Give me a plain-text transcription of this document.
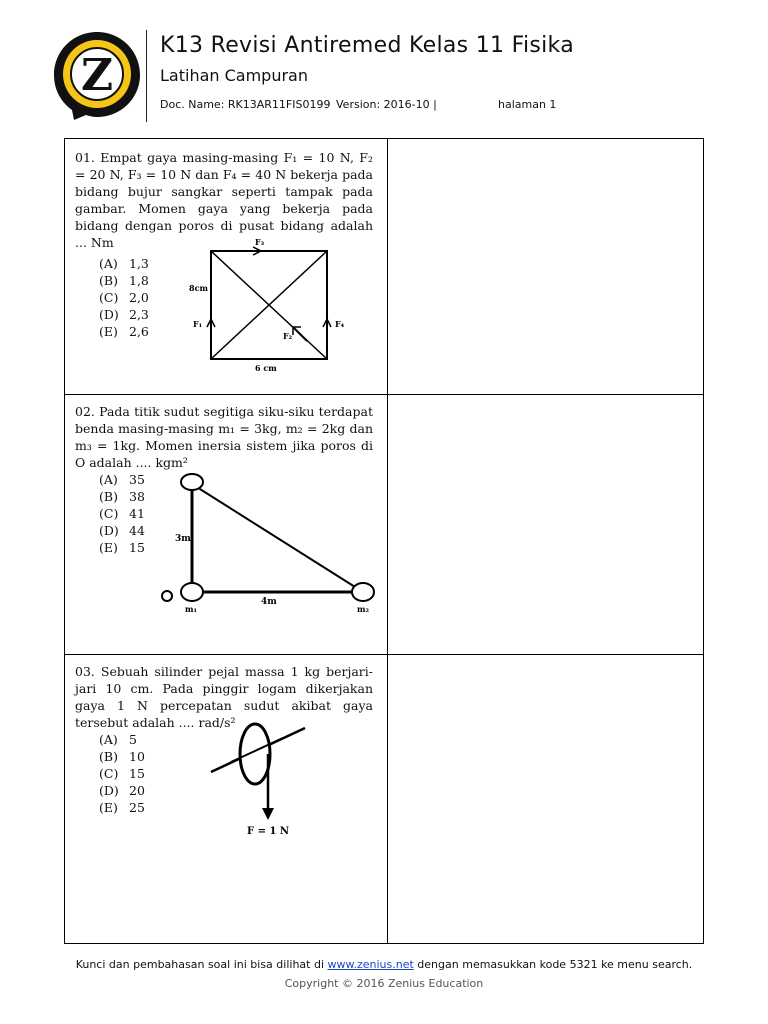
Z
K13 Revisi Antiremed Kelas 11 Fisika
Latihan Campuran
Doc. Name: RK13AR11FIS0199 Version: 2016-10 |	halaman 1
01. Empat gaya masing-masing F₁ = 10 N, F₂ = 20 N, F₃ = 10 N dan F₄ = 40 N bekerja pada bidang bujur sangkar seperti tampak pada gambar. Momen gaya yang bekerja pada bidang dengan poros di pusat bidang adalah ... Nm
(A) 1,3
(B) 1,8
(C) 2,0
(D) 2,3
(E) 2,6
F₃
F₁	F₄
F₂
8cm
6 cm
02. Pada titik sudut segitiga siku-siku terdapat benda masing-masing m₁ = 3kg, m₂ = 2kg dan m₃ = 1kg. Momen inersia sistem jika poros di O adalah .... kgm²
(A) 35
(B) 38
(C) 41
(D) 44
(E) 15
3m
4m
m₁	m₂
03. Sebuah silinder pejal massa 1 kg berjari-jari 10 cm. Pada pinggir logam dikerjakan gaya 1 N percepatan sudut akibat gaya tersebut adalah .... rad/s²
(A) 5
(B) 10
(C) 15
(D) 20
(E) 25
F = 1 N
Kunci dan pembahasan soal ini bisa dilihat di www.zenius.net dengan memasukkan kode 5321 ke menu search.
Copyright © 2016 Zenius Education
